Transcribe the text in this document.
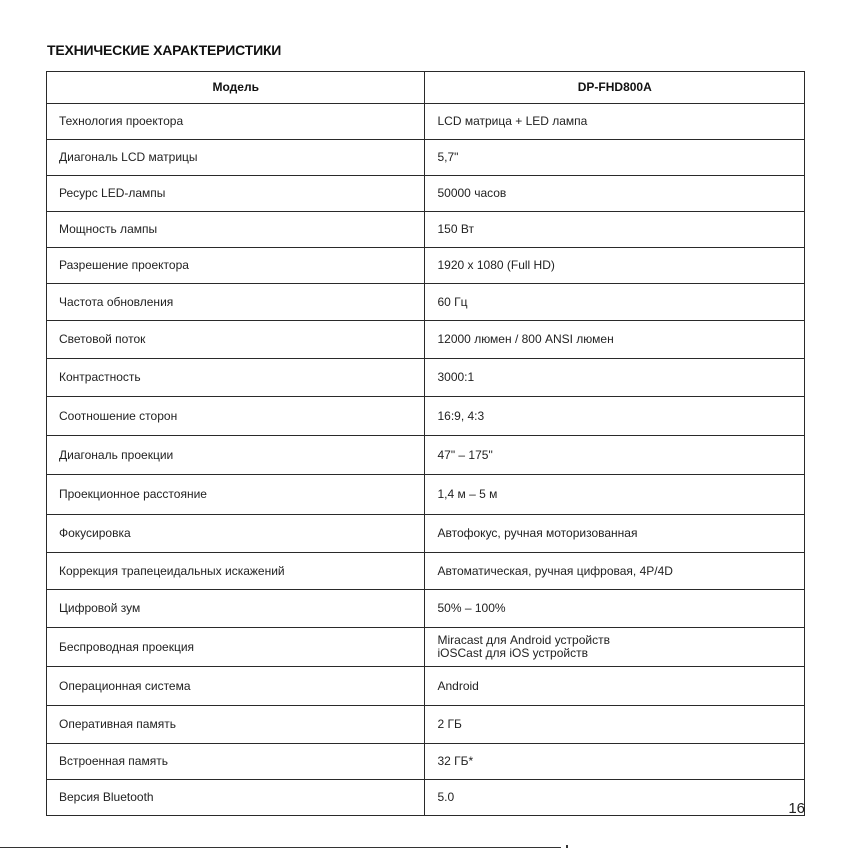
ТЕХНИЧЕСКИЕ ХАРАКТЕРИСТИКИ
Модель	DP-FHD800A
Технология проектора	LCD матрица + LED лампа

Диагональ LCD матрицы	5,7"

Ресурс LED-лампы	50000 часов

Мощность лампы	150 Вт

Разрешение проектора	1920 x 1080 (Full HD)

Частота обновления	60 Гц

Световой поток	12000 люмен / 800 ANSI люмен

Контрастность	3000:1

Соотношение сторон	16:9, 4:3

Диагональ проекции	47" – 175"

Проекционное расстояние	1,4 м – 5 м

Фокусировка	Автофокус, ручная моторизованная

Коррекция трапецеидальных искажений	Автоматическая, ручная цифровая, 4P/4D

Цифровой зум	50% – 100%

Беспроводная проекция	Miracast для Android устройств
iOSCast для iOS устройств

Операционная система	Android

Оперативная память	2 ГБ

Встроенная память	32 ГБ*

Версия Bluetooth	5.0
16
